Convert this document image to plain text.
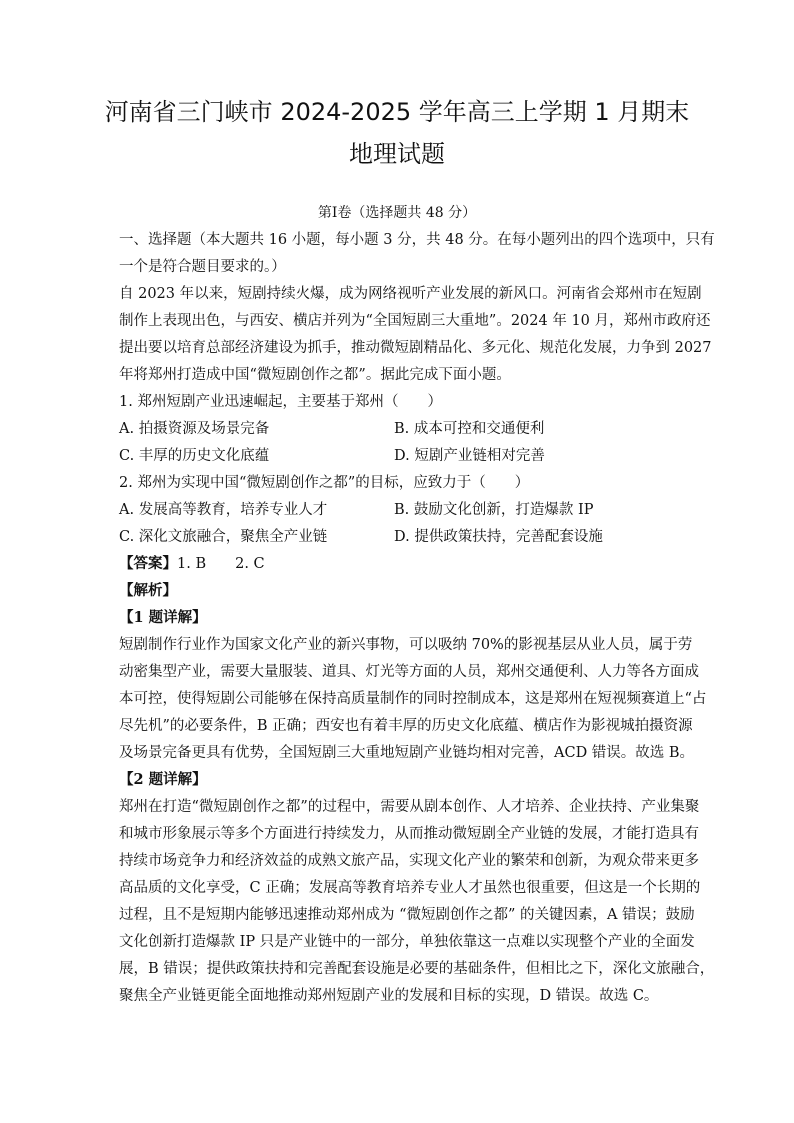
河南省三门峡市 2024-2025 学年高三上学期 1 月期末
地理试题
第Ⅰ卷（选择题共 48 分）
一、选择题（本大题共 16 小题，每小题 3 分，共 48 分。在每小题列出的四个选项中，只有
一个是符合题目要求的。）
自 2023 年以来，短剧持续火爆，成为网络视听产业发展的新风口。河南省会郑州市在短剧
制作上表现出色，与西安、横店并列为“全国短剧三大重地”。2024 年 10 月，郑州市政府还
提出要以培育总部经济建设为抓手，推动微短剧精品化、多元化、规范化发展，力争到 2027
年将郑州打造成中国“微短剧创作之都”。据此完成下面小题。
1. 郑州短剧产业迅速崛起，主要基于郑州（　　）
A. 拍摄资源及场景完备	B. 成本可控和交通便利
C. 丰厚的历史文化底蕴	D. 短剧产业链相对完善
2. 郑州为实现中国“微短剧创作之都”的目标，应致力于（　　）
A. 发展高等教育，培养专业人才	B. 鼓励文化创新，打造爆款 IP
C. 深化文旅融合，聚焦全产业链	D. 提供政策扶持，完善配套设施
【答案】1. B　　2. C
【解析】
【1 题详解】
短剧制作行业作为国家文化产业的新兴事物，可以吸纳 70%的影视基层从业人员，属于劳
动密集型产业，需要大量服装、道具、灯光等方面的人员，郑州交通便利、人力等各方面成
本可控，使得短剧公司能够在保持高质量制作的同时控制成本，这是郑州在短视频赛道上“占
尽先机”的必要条件，B 正确；西安也有着丰厚的历史文化底蕴、横店作为影视城拍摄资源
及场景完备更具有优势，全国短剧三大重地短剧产业链均相对完善，ACD 错误。故选 B。
【2 题详解】
郑州在打造“微短剧创作之都”的过程中，需要从剧本创作、人才培养、企业扶持、产业集聚
和城市形象展示等多个方面进行持续发力，从而推动微短剧全产业链的发展，才能打造具有
持续市场竞争力和经济效益的成熟文旅产品，实现文化产业的繁荣和创新，为观众带来更多
高品质的文化享受，C 正确；发展高等教育培养专业人才虽然也很重要，但这是一个长期的
过程，且不是短期内能够迅速推动郑州成为 “微短剧创作之都” 的关键因素，A 错误；鼓励
文化创新打造爆款 IP 只是产业链中的一部分，单独依靠这一点难以实现整个产业的全面发
展，B 错误；提供政策扶持和完善配套设施是必要的基础条件，但相比之下，深化文旅融合，
聚焦全产业链更能全面地推动郑州短剧产业的发展和目标的实现，D 错误。故选 C。
